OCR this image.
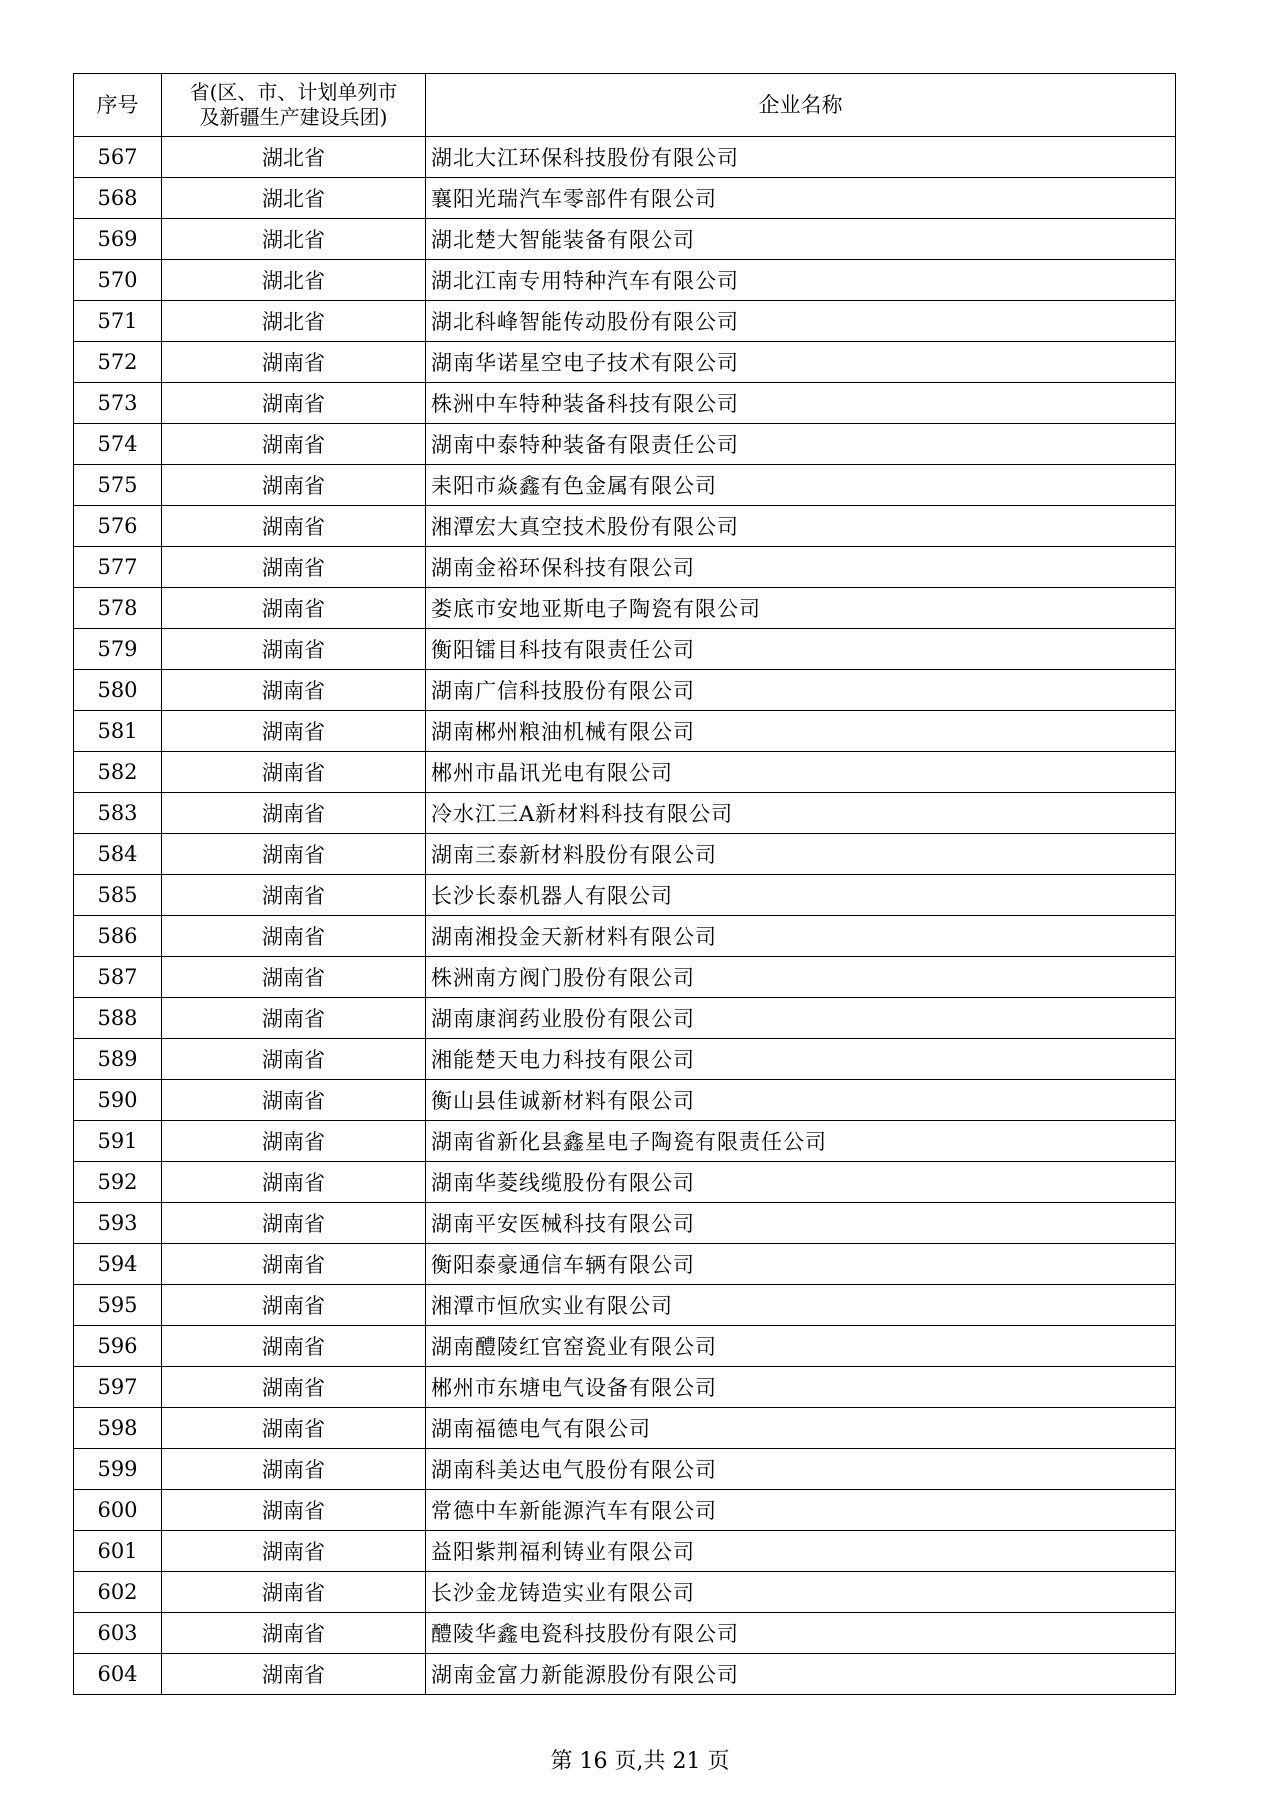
序号	省(区、市、计划单列市
及新疆生产建设兵团)	企业名称
567	湖北省	湖北大江环保科技股份有限公司
568	湖北省	襄阳光瑞汽车零部件有限公司
569	湖北省	湖北楚大智能装备有限公司
570	湖北省	湖北江南专用特种汽车有限公司
571	湖北省	湖北科峰智能传动股份有限公司
572	湖南省	湖南华诺星空电子技术有限公司
573	湖南省	株洲中车特种装备科技有限公司
574	湖南省	湖南中泰特种装备有限责任公司
575	湖南省	耒阳市焱鑫有色金属有限公司
576	湖南省	湘潭宏大真空技术股份有限公司
577	湖南省	湖南金裕环保科技有限公司
578	湖南省	娄底市安地亚斯电子陶瓷有限公司
579	湖南省	衡阳镭目科技有限责任公司
580	湖南省	湖南广信科技股份有限公司
581	湖南省	湖南郴州粮油机械有限公司
582	湖南省	郴州市晶讯光电有限公司
583	湖南省	冷水江三A新材料科技有限公司
584	湖南省	湖南三泰新材料股份有限公司
585	湖南省	长沙长泰机器人有限公司
586	湖南省	湖南湘投金天新材料有限公司
587	湖南省	株洲南方阀门股份有限公司
588	湖南省	湖南康润药业股份有限公司
589	湖南省	湘能楚天电力科技有限公司
590	湖南省	衡山县佳诚新材料有限公司
591	湖南省	湖南省新化县鑫星电子陶瓷有限责任公司
592	湖南省	湖南华菱线缆股份有限公司
593	湖南省	湖南平安医械科技有限公司
594	湖南省	衡阳泰豪通信车辆有限公司
595	湖南省	湘潭市恒欣实业有限公司
596	湖南省	湖南醴陵红官窑瓷业有限公司
597	湖南省	郴州市东塘电气设备有限公司
598	湖南省	湖南福德电气有限公司
599	湖南省	湖南科美达电气股份有限公司
600	湖南省	常德中车新能源汽车有限公司
601	湖南省	益阳紫荆福利铸业有限公司
602	湖南省	长沙金龙铸造实业有限公司
603	湖南省	醴陵华鑫电瓷科技股份有限公司
604	湖南省	湖南金富力新能源股份有限公司
第 16 页,共 21 页
